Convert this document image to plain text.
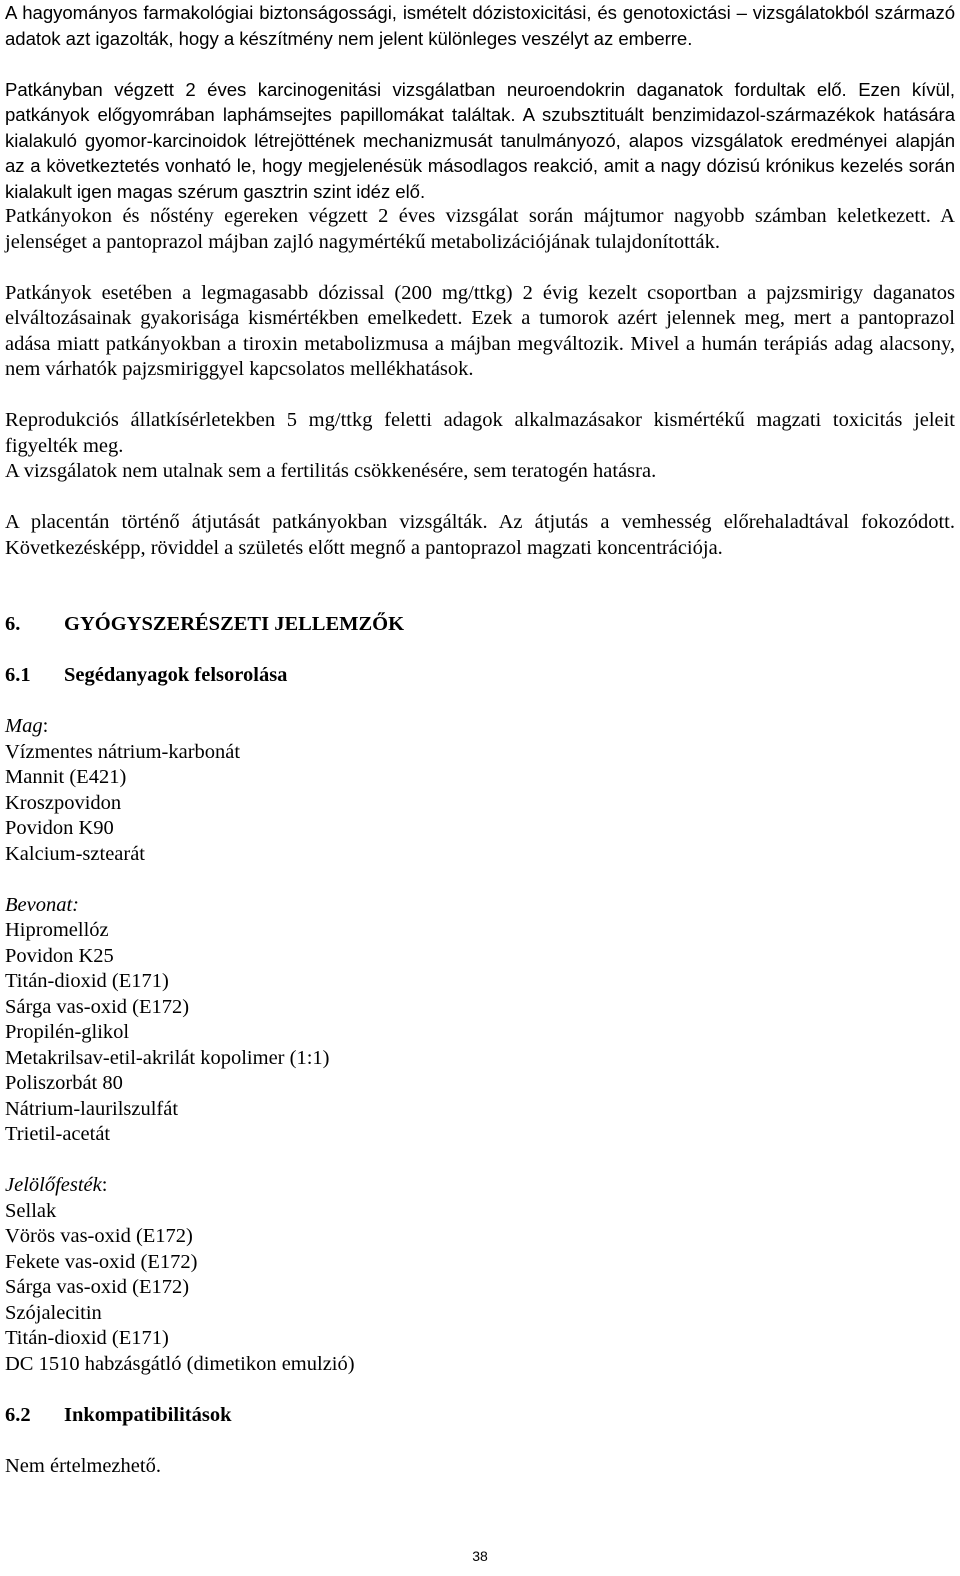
A hagyományos farmakológiai biztonságossági, ismételt dózistoxicitási, és genotoxictási – vizsgálatokból származó adatok azt igazolták, hogy a készítmény nem jelent különleges veszélyt az emberre.

Patkányban végzett 2 éves karcinogenitási vizsgálatban neuroendokrin daganatok fordultak elő. Ezen kívül, patkányok előgyomrában laphámsejtes papillomákat találtak. A szubsztituált benzimidazol-származékok hatására kialakuló gyomor-karcinoidok létrejöttének mechanizmusát tanulmányozó, alapos vizsgálatok eredményei alapján az a következtetés vonható le, hogy megjelenésük másodlagos reakció, amit a nagy dózisú krónikus kezelés során kialakult igen magas szérum gasztrin szint idéz elő.

Patkányokon és nőstény egereken végzett 2 éves vizsgálat során májtumor nagyobb számban keletkezett. A jelenséget a pantoprazol májban zajló nagymértékű metabolizációjának tulajdonították.

Patkányok esetében a legmagasabb dózissal (200 mg/ttkg) 2 évig kezelt csoportban a pajzsmirigy daganatos elváltozásainak gyakorisága kismértékben emelkedett. Ezek a tumorok azért jelennek meg, mert a pantoprazol adása miatt patkányokban a tiroxin metabolizmusa a májban megváltozik. Mivel a humán terápiás adag alacsony, nem várhatók pajzsmiriggyel kapcsolatos mellékhatások.

Reprodukciós állatkísérletekben 5 mg/ttkg feletti adagok alkalmazásakor kismértékű magzati toxicitás jeleit figyelték meg.

A vizsgálatok nem utalnak sem a fertilitás csökkenésére, sem teratogén hatásra.

A placentán történő átjutását patkányokban vizsgálták. Az átjutás a vemhesség előrehaladtával fokozódott. Következésképp, röviddel a születés előtt megnő a pantoprazol magzati koncentrációja.

6.	GYÓGYSZERÉSZETI JELLEMZŐK
6.1	Segédanyagok felsorolása
Mag:
Vízmentes nátrium-karbonát
Mannit (E421)
Kroszpovidon
Povidon K90
Kalcium-sztearát
Bevonat:
Hipromellóz
Povidon K25
Titán-dioxid (E171)
Sárga vas-oxid (E172)
Propilén-glikol
Metakrilsav-etil-akrilát kopolimer (1:1)
Poliszorbát 80
Nátrium-laurilszulfát
Trietil-acetát
Jelölőfesték:
Sellak
Vörös vas-oxid (E172)
Fekete vas-oxid (E172)
Sárga vas-oxid (E172)
Szójalecitin
Titán-dioxid (E171)
DC 1510 habzásgátló (dimetikon emulzió)
6.2	Inkompatibilitások

Nem értelmezhető.

38
